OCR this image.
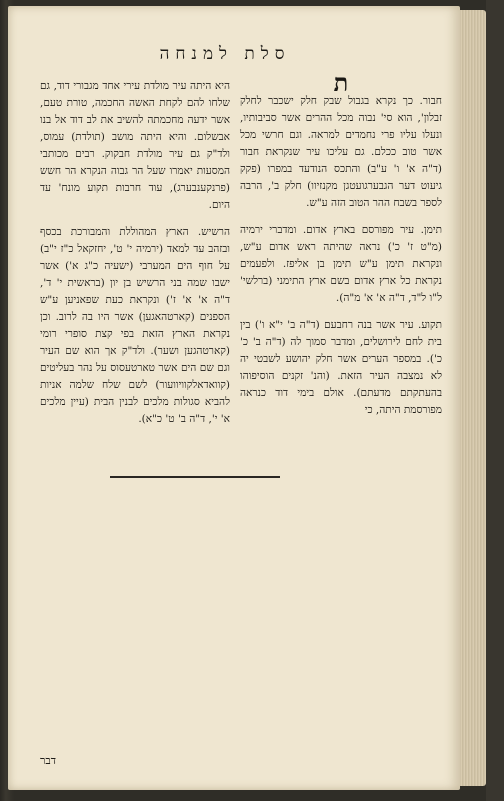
סלת למנחה
ת

חבור. כך נקרא בגבול שבק חלק ישכבר לחלק זבלון', הוא סי' נבוה מכל ההרים אשר סביבותיו, ונעלו עליו פרי נחמדים למראה. וגם חרשי מכל אשר טוב ככלם. גם עליכו עיר שנקראת חבור (ד"ה א' ו' ע"ב) והתכס הנודעד במפרו (פקק גיעוט דער הגבערגועטגן מקנזיוו) חלק ב', הרבה לספר בשבח ההר הטוב הזה ע"ש.

תימן. עיר מפורסם בארץ אדום. ומדברי ירמיה (מ"ט ז' כ') נראה שהיתה ראש אדום ע"ש, ונקראת תימן ע"ש תימן בן אליפז. ולפעמים נקראת כל ארץ אדום בשם ארץ התימני (ברלשי' ל"ו ל"ד, ד"ה א' א' מ"ה).

תקוע. עיר אשר בנה רחבעם (ד"ה ב' י"א ו') בין בית לחם לירושלים, ומדבר סמוך לה (ד"ה ב' כ' כ'). במספר הערים אשר חלק יהושע לשבטי יה לא נמצבה העיר הזאת. (והנ' זקנים הוסיפוהו בהעתקתם מדעתם). אולם בימי דוד כנראה מפורסמת היתה, כי

היא היתה עיר מולדת עירי אחד מגבורי דוד, גם שלחו להם לקחת האשה החכמה, טורת טעם, אשר ידעה מחכמתה להשיב את לב דוד אל בנו אבשלום. והיא היתה מושב (תולדת) עמוס, ולד"ק גם עיר מולדת חבקוק. רבים מכותבי המסעות יאמרו שעל הר גבוה הנקרא הר חשש (פרנקענבערג), עוד חרבות תקוע מונח' עד היום.

הרשיש. הארץ המהוללת והמבורכת בכסף ובזהב עד למאד (ירמיה י' ט', יחזקאל כ"ז י"ב) על חוף הים המערבי (ישעיה כ"ג א') אשר ישבו שמה בני הרשיש בן יון (בראשית י' ד', ד"ה א' א' ז') ונקראת כעת שפאניען ע"ש הספנים (קארטהאגען) אשר היו בה לרוב. וכן נקראת הארץ הזאת בפי קצת סופרי רומי (קארטהגען ושער). ולד"ק אך הוא שם העיר וגם שם הים אשר טארטעסוס על נהר בעליטים (קוואדאלקוויוועור) לשם שלח שלמה אניות להביא סגולות מלכים לבנין הבית (עיין מלכים א' י', ד"ה ב' ט' כ"א).

דבר
